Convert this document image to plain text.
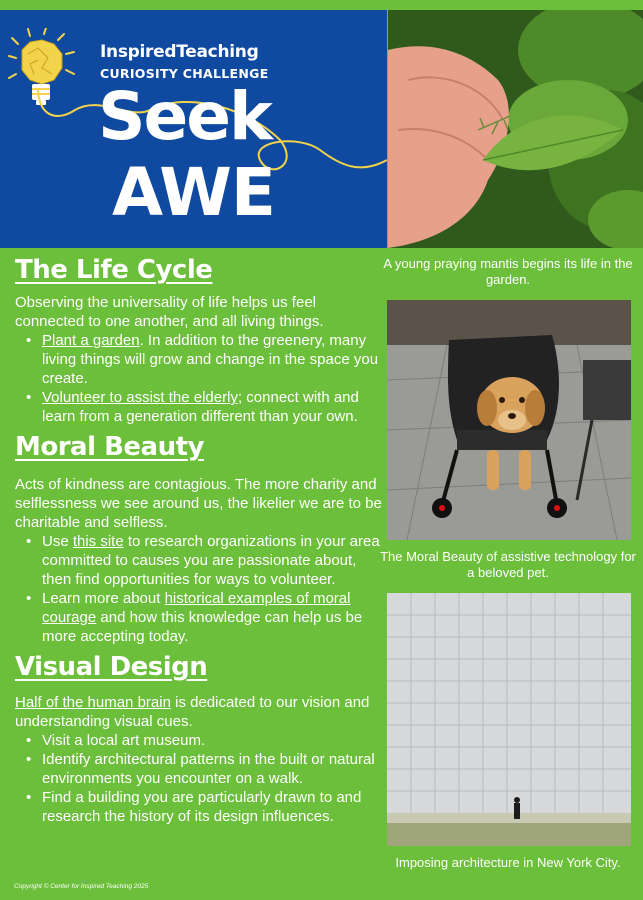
InspiredTeaching
CURIOSITY CHALLENGE
Seek
AWE
A young praying mantis begins its life in the garden.
The Moral Beauty of assistive technology for a beloved pet.
Imposing architecture in New York City.
The Life Cycle

Observing the universality of life helps us feel connected to one another, and all living things.

• Plant a garden. In addition to the greenery, many living things will grow and change in the space you create.
• Volunteer to assist the elderly; connect with and learn from a generation different than your own.
Moral Beauty

Acts of kindness are contagious. The more charity and selflessness we see around us, the likelier we are to be charitable and selfless.

• Use this site to research organizations in your area committed to causes you are passionate about, then find opportunities for ways to volunteer.
• Learn more about historical examples of moral courage and how this knowledge can help us be more accepting today.
Visual Design

Half of the human brain is dedicated to our vision and understanding visual cues.

• Visit a local art museum.
• Identify architectural patterns in the built or natural environments you encounter on a walk.
• Find a building you are particularly drawn to and research the history of its design influences.
Copyright © Center for Inspired Teaching 2025
